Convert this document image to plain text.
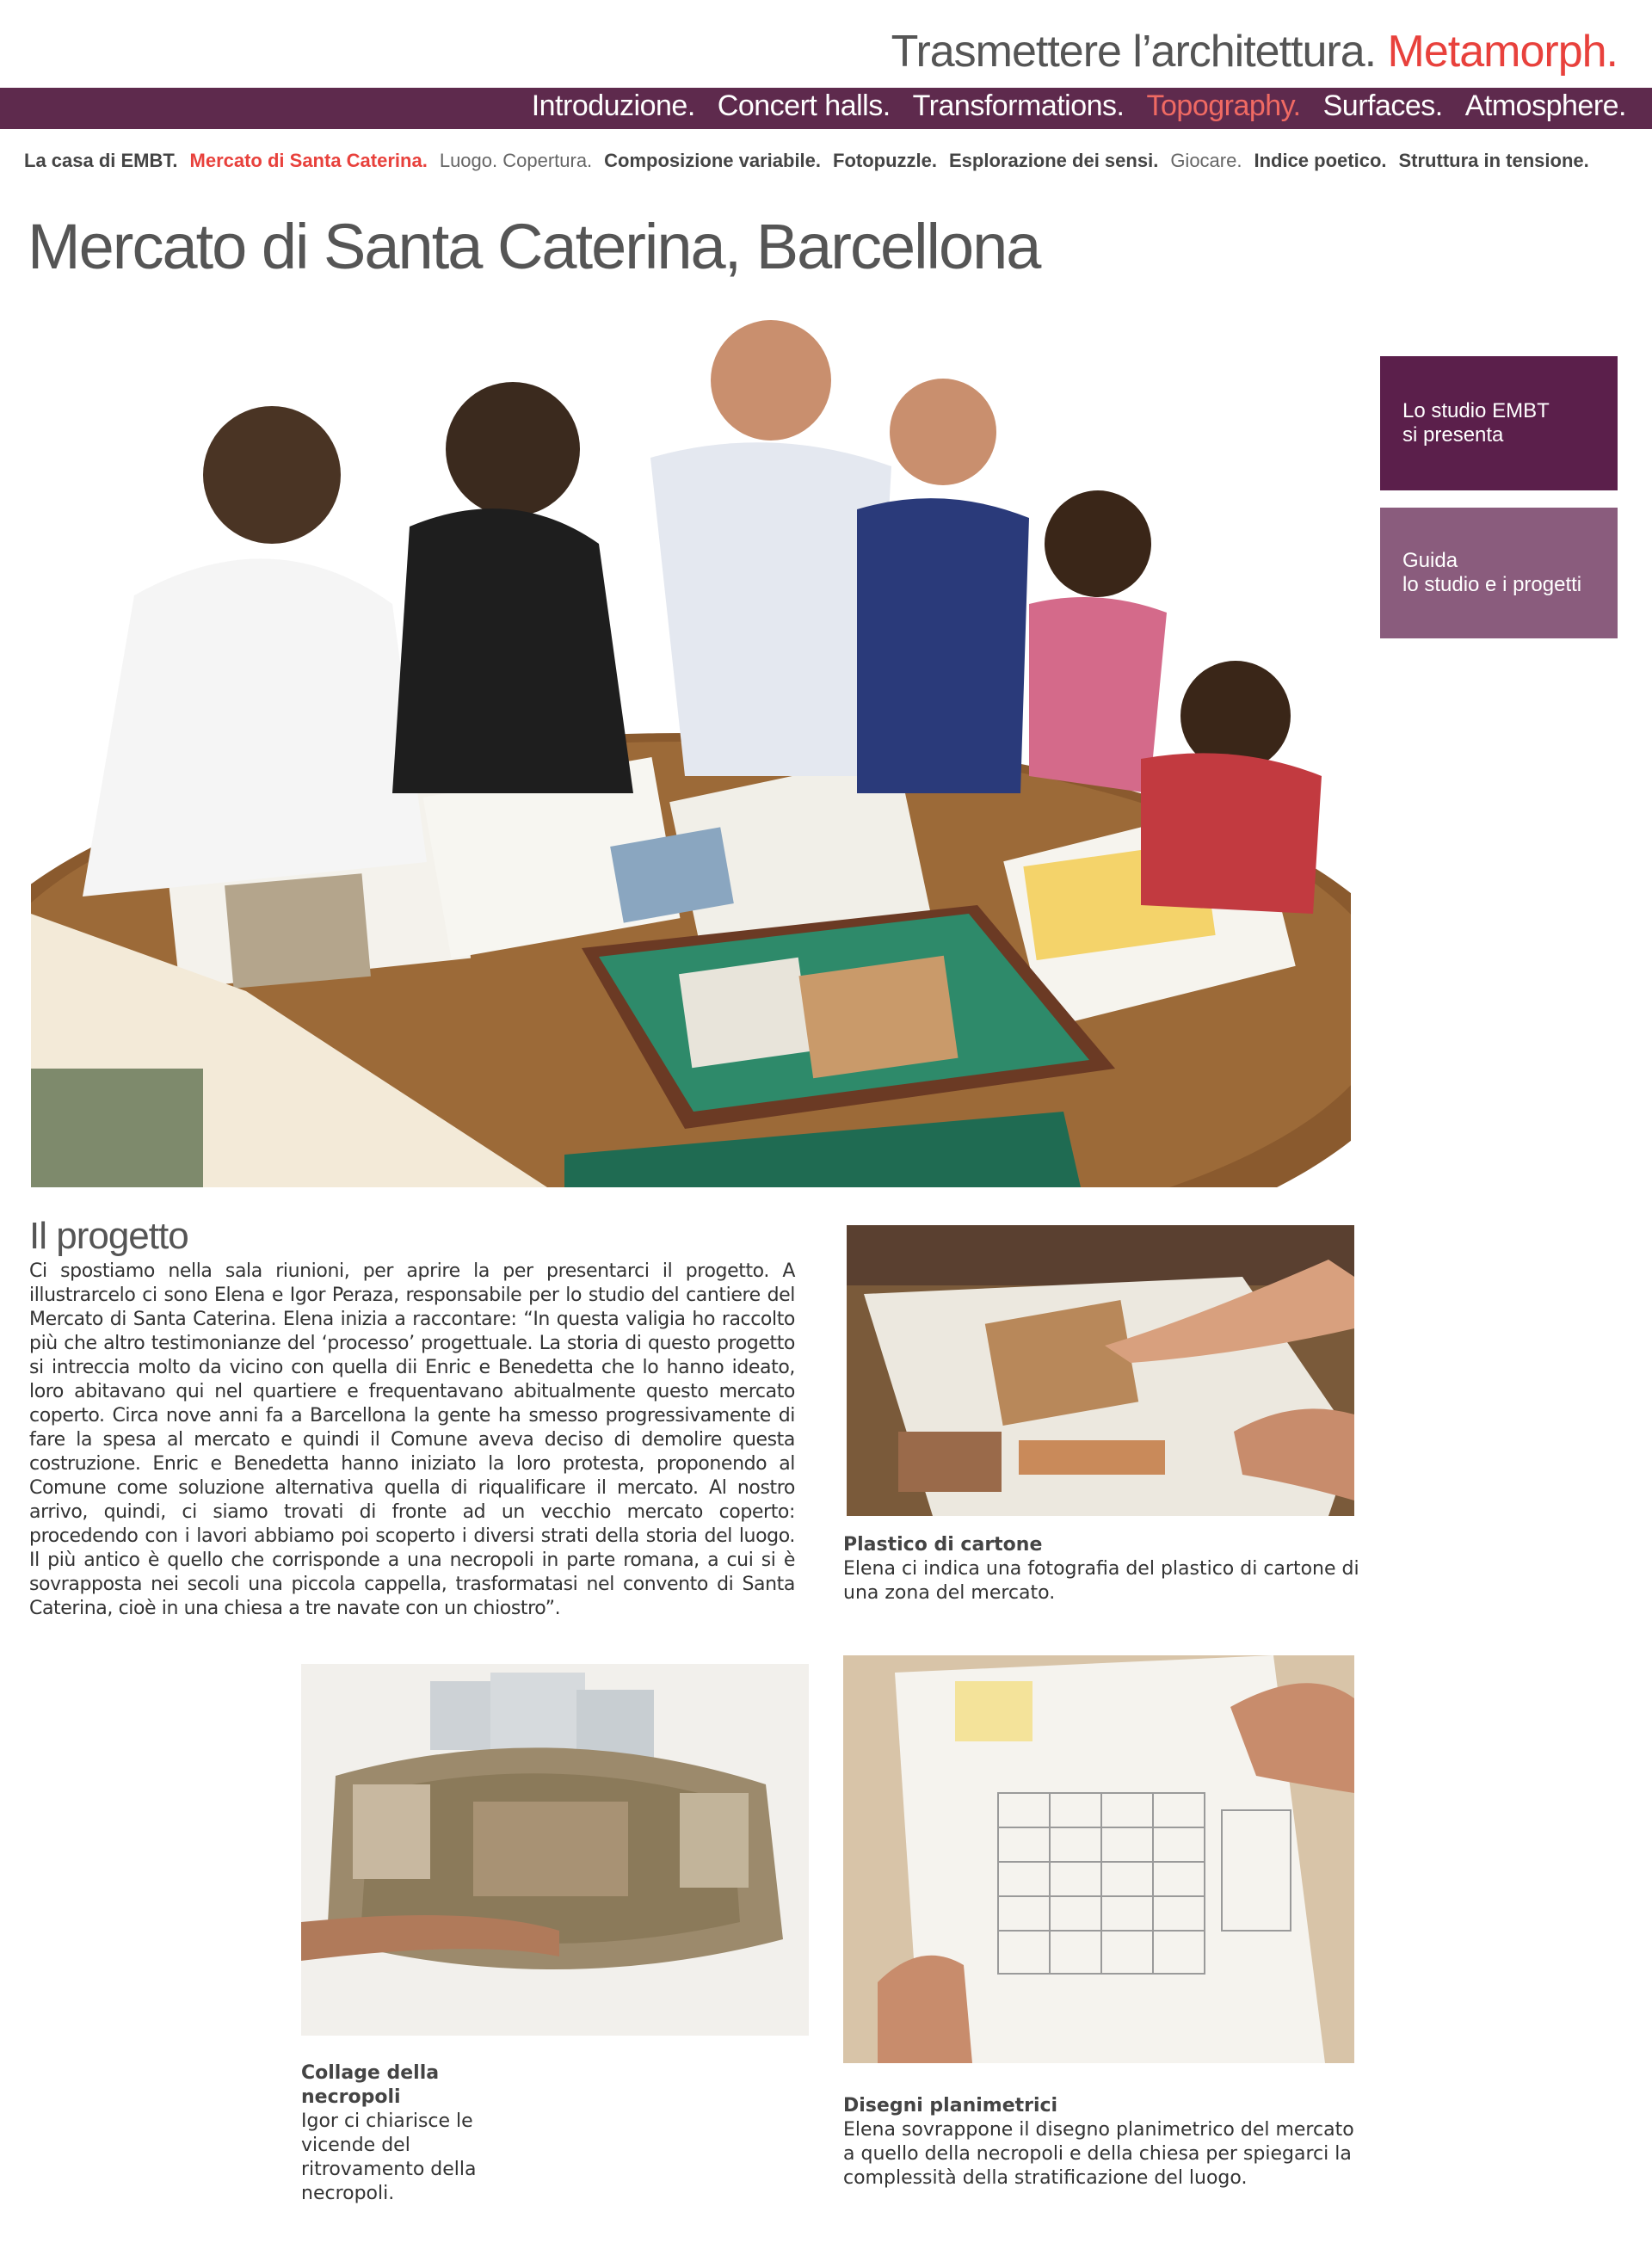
Trasmettere l’architettura. Metamorph.
Introduzione. Concert halls. Transformations. Topography. Surfaces. Atmosphere.
La casa di EMBT. Mercato di Santa Caterina. Luogo. Copertura. Composizione variabile. Fotopuzzle. Esplorazione dei sensi. Giocare. Indice poetico. Struttura in tensione.
Mercato di Santa Caterina, Barcellona
Lo studio EMBT
si presenta
Guida
lo studio e i progetti
Il progetto
Ci spostiamo nella sala riunioni, per aprire la per presentarci il progetto. A illustrarcelo ci sono Elena e Igor Peraza, responsabile per lo studio del cantiere del Mercato di Santa Caterina. Elena inizia a raccontare: “In questa valigia ho raccolto più che altro testimonianze del ‘processo’ progettuale. La storia di questo progetto si intreccia molto da vicino con quella dii Enric e Benedetta che lo hanno ideato, loro abitavano qui nel quartiere e frequentavano abitualmente questo mercato coperto. Circa nove anni fa a Barcellona la gente ha smesso progressivamente di fare la spesa al mercato e quindi il Comune aveva deciso di demolire questa costruzione. Enric e Benedetta hanno iniziato la loro protesta, proponendo al Comune come soluzione alternativa quella di riqualificare il mercato. Al nostro arrivo, quindi, ci siamo trovati di fronte ad un vecchio mercato coperto: procedendo con i lavori abbiamo poi scoperto i diversi strati della storia del luogo. Il più antico è quello che corrisponde a una necropoli in parte romana, a cui si è sovrapposta nei secoli una piccola cappella, trasformatasi nel convento di Santa Caterina, cioè in una chiesa a tre navate con un chiostro”.
Plastico di cartone
Elena ci indica una fotografia del plastico di cartone di una zona del mercato.
Collage della necropoli
Igor ci chiarisce le vicende del ritrovamento della necropoli.
Disegni planimetrici
Elena sovrappone il disegno planimetrico del mercato a quello della necropoli e della chiesa per spiegarci la complessità della stratificazione del luogo.
